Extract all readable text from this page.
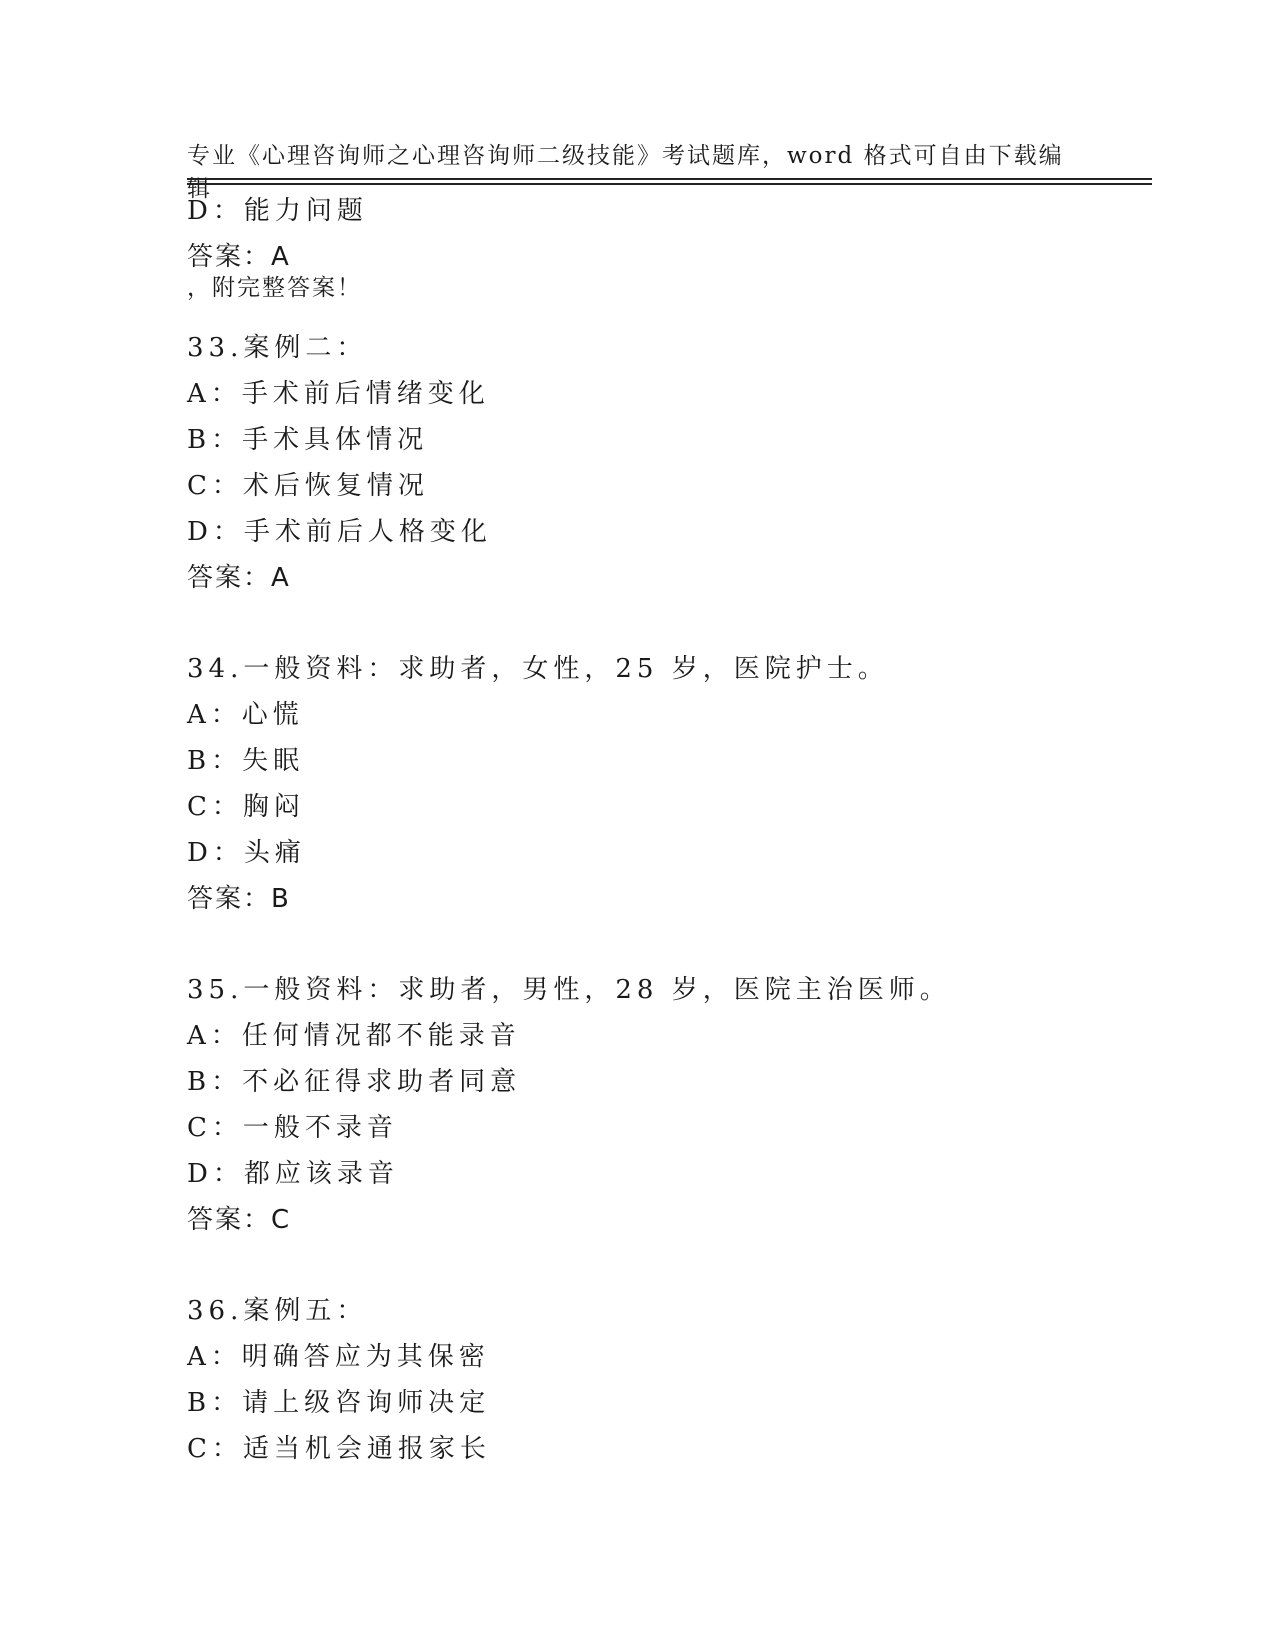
专业《心理咨询师之心理咨询师二级技能》考试题库，word 格式可自由下载编辑

，附完整答案！

D：能力问题
答案：A
33.案例二：
A：手术前后情绪变化
B：手术具体情况
C：术后恢复情况
D：手术前后人格变化
答案：A
34.一般资料：求助者，女性，25 岁，医院护士。
A：心慌
B：失眠
C：胸闷
D：头痛
答案：B
35.一般资料：求助者，男性，28 岁，医院主治医师。
A：任何情况都不能录音
B：不必征得求助者同意
C：一般不录音
D：都应该录音
答案：C
36.案例五：
A：明确答应为其保密
B：请上级咨询师决定
C：适当机会通报家长
